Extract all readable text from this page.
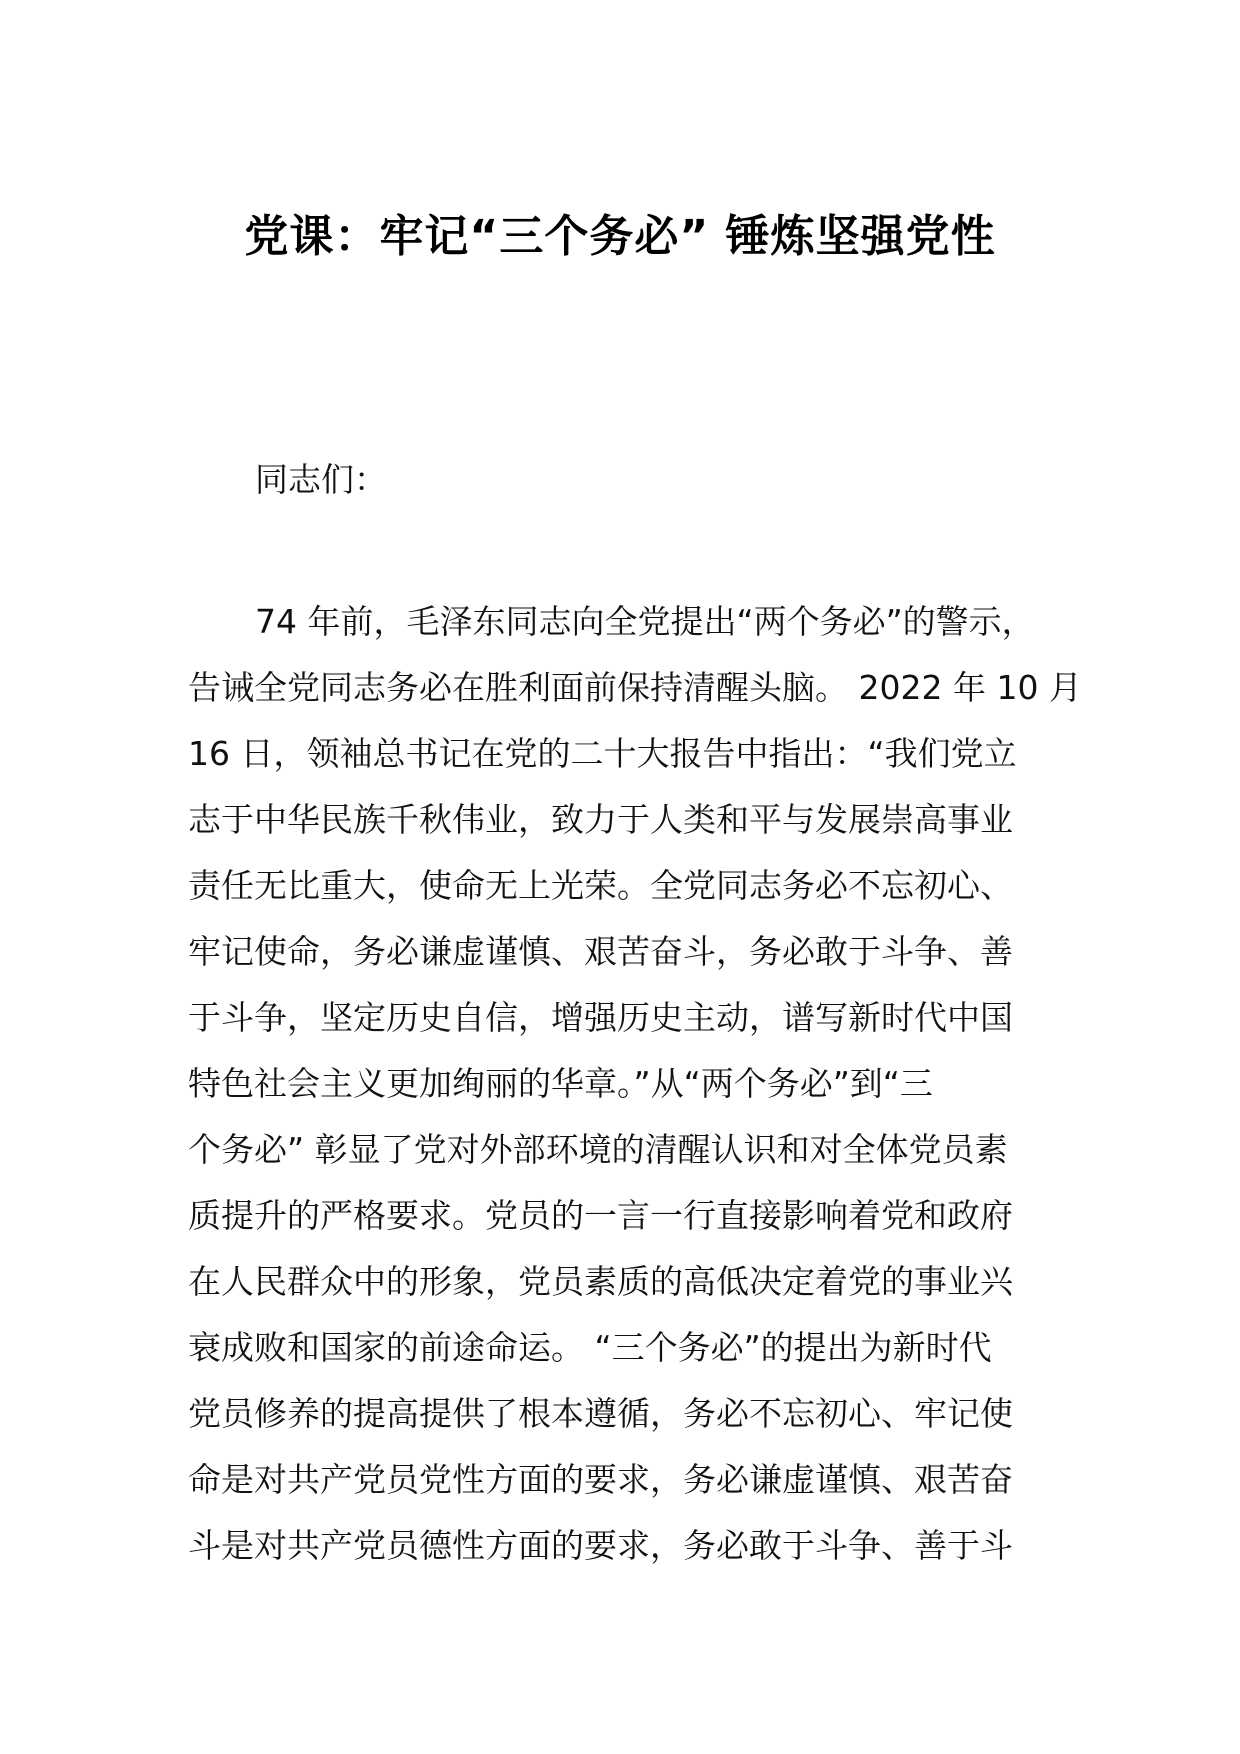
党课：牢记“三个务必” 锤炼坚强党性
同志们：
74 年前，毛泽东同志向全党提出“两个务必”的警示，
告诫全党同志务必在胜利面前保持清醒头脑。 2022 年 10 月
16 日，领袖总书记在党的二十大报告中指出：“我们党立
志于中华民族千秋伟业，致力于人类和平与发展崇高事业
责任无比重大，使命无上光荣。全党同志务必不忘初心、
牢记使命，务必谦虚谨慎、艰苦奋斗，务必敢于斗争、善
于斗争，坚定历史自信，增强历史主动，谱写新时代中国
特色社会主义更加绚丽的华章。”从“两个务必”到“三
个务必” 彰显了党对外部环境的清醒认识和对全体党员素
质提升的严格要求。党员的一言一行直接影响着党和政府
在人民群众中的形象，党员素质的高低决定着党的事业兴
衰成败和国家的前途命运。 “三个务必”的提出为新时代
党员修养的提高提供了根本遵循，务必不忘初心、牢记使
命是对共产党员党性方面的要求，务必谦虚谨慎、艰苦奋
斗是对共产党员德性方面的要求，务必敢于斗争、善于斗
